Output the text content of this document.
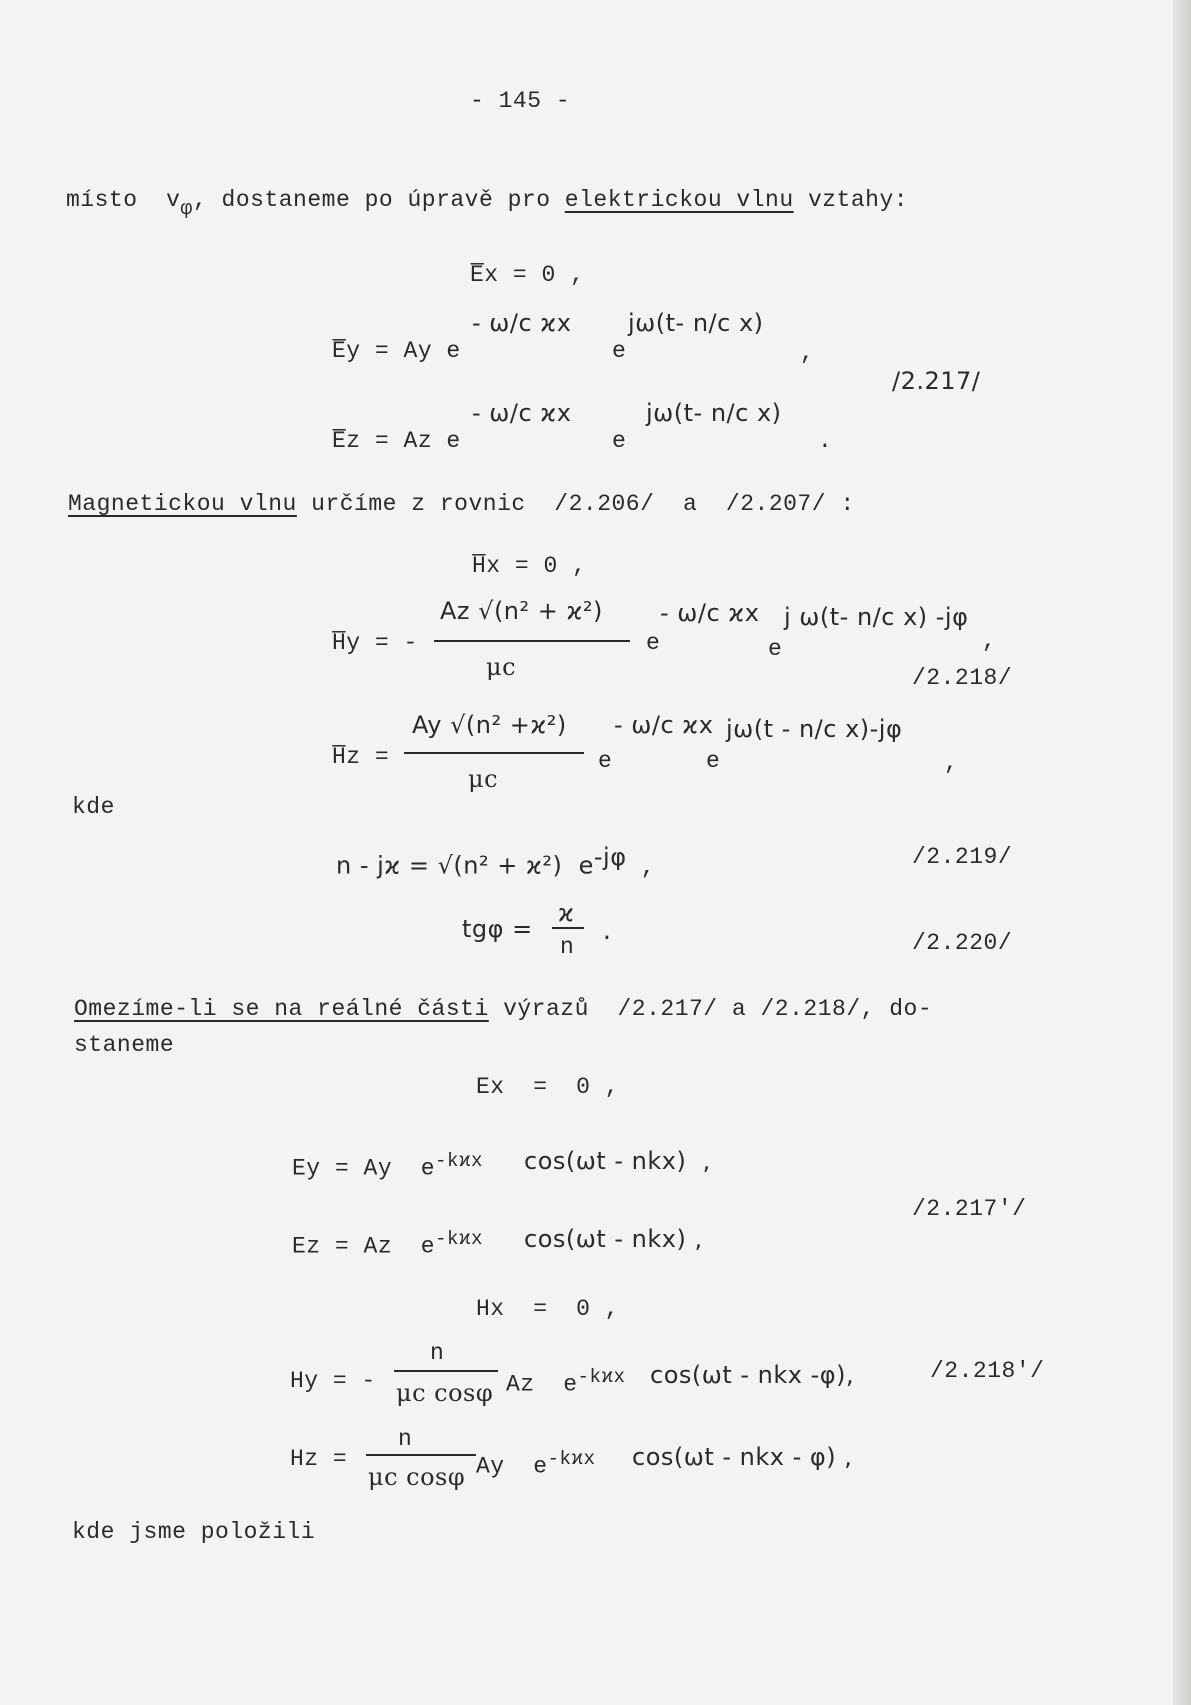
- 145 -
místo  vφ, dostaneme po úpravě pro elektrickou vlnu vztahy:
E̅x = 0 ,
E̅y = Ay e
- ω/c ϰx
e
jω(t- n/c x)
,
/2.217/
E̅z = Az e
- ω/c ϰx
e
jω(t- n/c x)
.
Magnetickou vlnu určíme z rovnic  /2.206/  a  /2.207/ :
H̅x = 0 ,
H̅y = -
Az √(n² + ϰ²)
μc
e
- ω/c ϰx
e
j ω(t- n/c x) -jφ
,
/2.218/
H̅z =
Ay √(n² +ϰ²)
μc
e
- ω/c ϰx
e
jω(t - n/c x)-jφ
,
kde
n - jϰ = √(n² + ϰ²)  $e^{-j\varphi}$ ,	/2.219/
tgφ =
ϰ
n
.	/2.220/
Omezíme-li se na reálné části výrazů  /2.217/ a /2.218/, do-
staneme
Ex  =  0 ,
Ey = Ay  $e^{-kϰx}$ cos(ωt - nkx)  ,
Ez = Az  $e^{-kϰx}$ cos(ωt - nkx) ,
/2.217′/
Hx  =  0 ,
Hy = -
n
μc cosφ Az  $e^{-kϰx}$ cos(ωt - nkx -φ),	/2.218′/
Hz =
n
μc cosφ Ay  $e^{-kϰx}$ cos(ωt - nkx - φ) ,
kde jsme položili
